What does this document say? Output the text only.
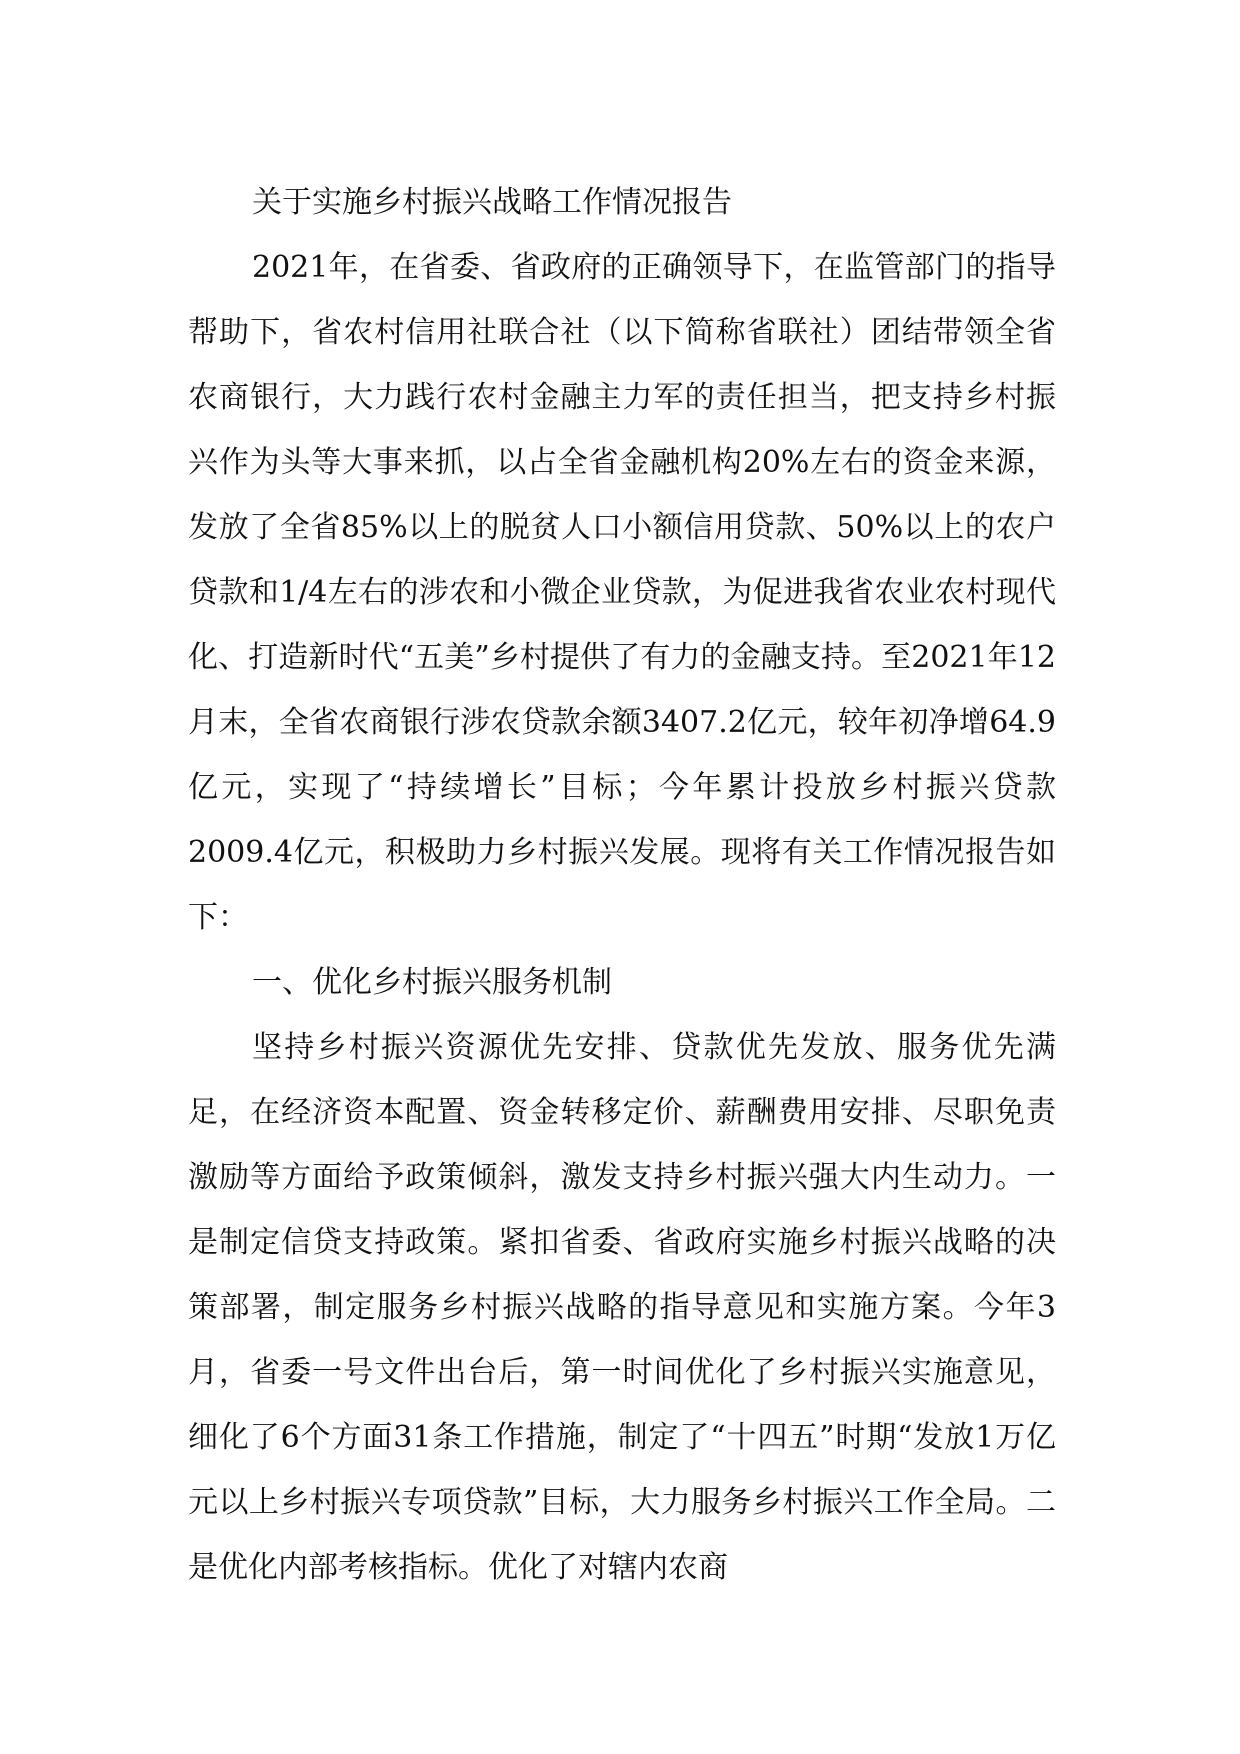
关于实施乡村振兴战略工作情况报告

2021年，在省委、省政府的正确领导下，在监管部门的指导帮助下，省农村信用社联合社（以下简称省联社）团结带领全省农商银行，大力践行农村金融主力军的责任担当，把支持乡村振兴作为头等大事来抓，以占全省金融机构20%左右的资金来源，发放了全省85%以上的脱贫人口小额信用贷款、50%以上的农户贷款和1/4左右的涉农和小微企业贷款，为促进我省农业农村现代化、打造新时代“五美”乡村提供了有力的金融支持。至2021年12月末，全省农商银行涉农贷款余额3407.2亿元，较年初净增64.9亿元，实现了“持续增长”目标；今年累计投放乡村振兴贷款2009.4亿元，积极助力乡村振兴发展。现将有关工作情况报告如下：

一、优化乡村振兴服务机制

坚持乡村振兴资源优先安排、贷款优先发放、服务优先满足，在经济资本配置、资金转移定价、薪酬费用安排、尽职免责激励等方面给予政策倾斜，激发支持乡村振兴强大内生动力。一是制定信贷支持政策。紧扣省委、省政府实施乡村振兴战略的决策部署，制定服务乡村振兴战略的指导意见和实施方案。今年3月，省委一号文件出台后，第一时间优化了乡村振兴实施意见，细化了6个方面31条工作措施，制定了“十四五”时期“发放1万亿元以上乡村振兴专项贷款”目标，大力服务乡村振兴工作全局。二是优化内部考核指标。优化了对辖内农商
